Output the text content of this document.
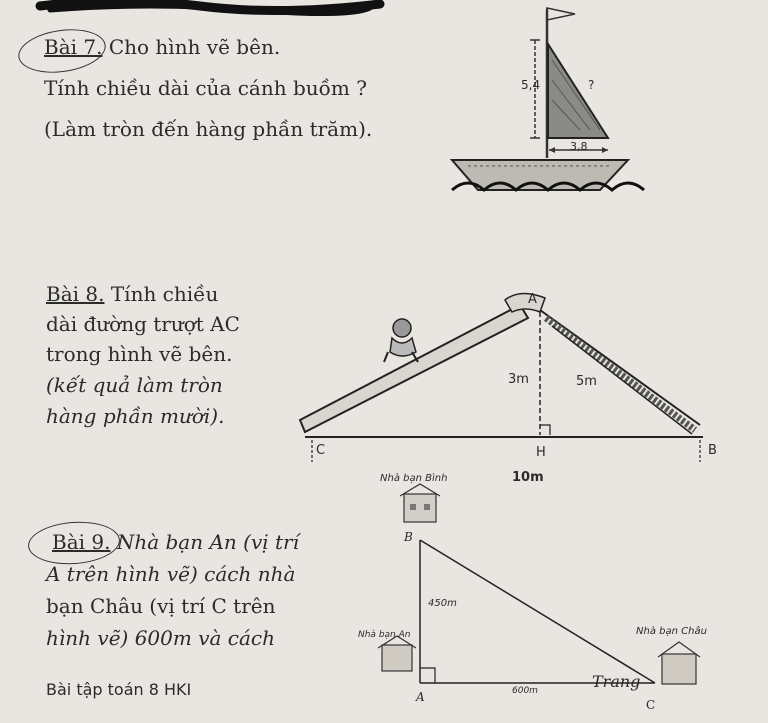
Bài 7. Cho hình vẽ bên.
Tính chiều dài của cánh buồm ?
(Làm tròn đến hàng phần trăm).
5,4	?
3,8
Bài 8. Tính chiều
dài đường trượt AC
trong hình vẽ bên.
(kết quả làm tròn
hàng phần mười).
A
C	H	B
3m	5m
10m
Nhà bạn Bình
Bài 9. Nhà bạn An (vị trí
A trên hình vẽ) cách nhà
bạn Châu (vị trí C trên
hình vẽ) 600m và cách
Bài tập toán 8 HKI
B
450m
Nhà bạn An	Nhà bạn Châu
Trang
600m
A
C
